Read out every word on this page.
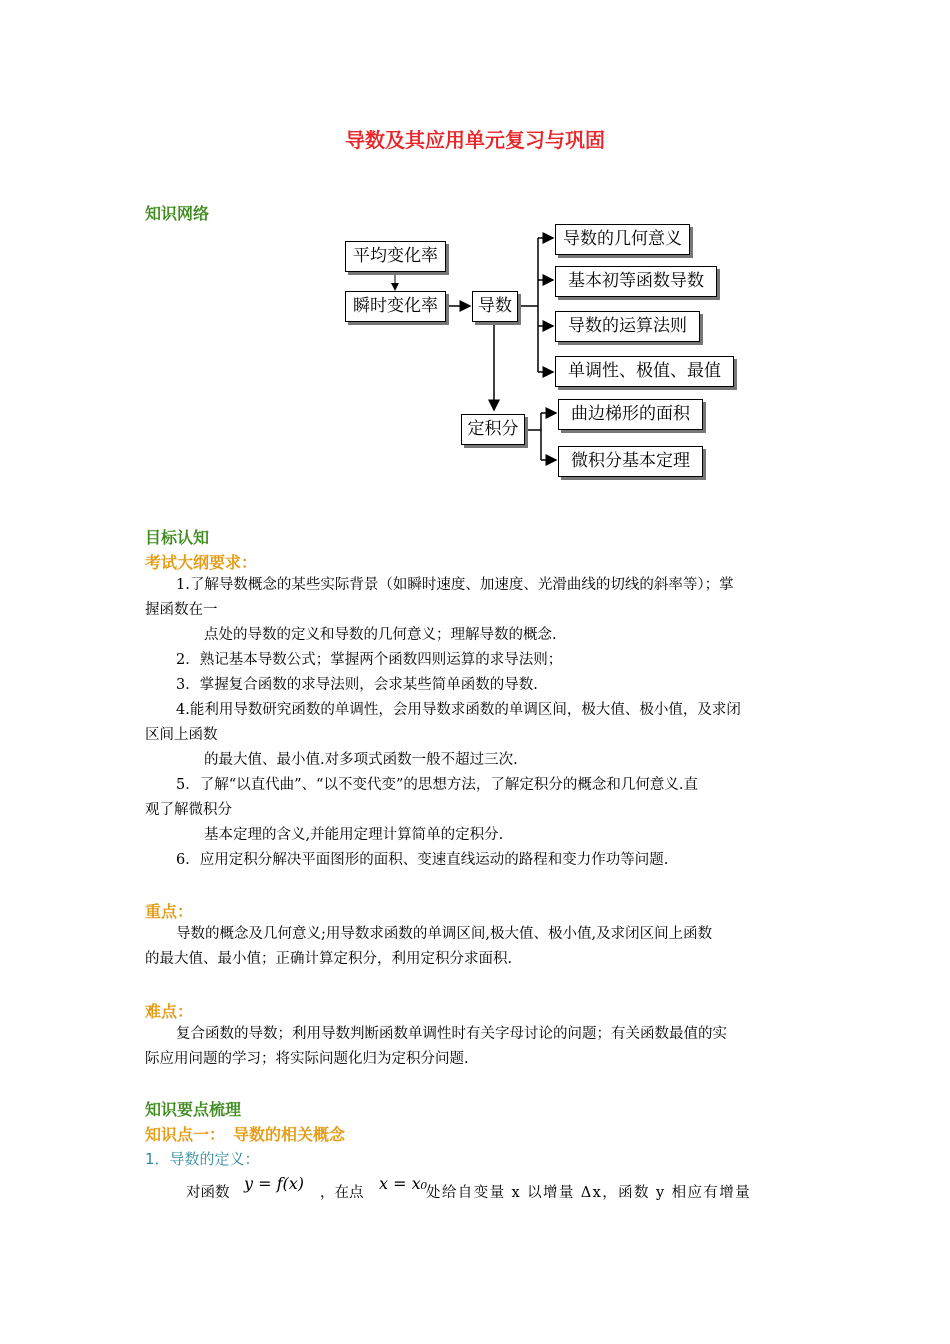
导数及其应用单元复习与巩固
知识网络
平均变化率
瞬时变化率	导数
导数的几何意义
基本初等函数导数
导数的运算法则
单调性、极值、最值
定积分
曲边梯形的面积
微积分基本定理
目标认知
考试大纲要求：
1.了解导数概念的某些实际背景（如瞬时速度、加速度、光滑曲线的切线的斜率等）；掌
握函数在一
点处的导数的定义和导数的几何意义；理解导数的概念.
2．熟记基本导数公式；掌握两个函数四则运算的求导法则；
3．掌握复合函数的求导法则，会求某些简单函数的导数.
4.能利用导数研究函数的单调性，会用导数求函数的单调区间，极大值、极小值，及求闭
区间上函数
的最大值、最小值.对多项式函数一般不超过三次.
5．了解“以直代曲”、“以不变代变”的思想方法，了解定积分的概念和几何意义.直
观了解微积分
基本定理的含义,并能用定理计算简单的定积分.
6．应用定积分解决平面图形的面积、变速直线运动的路程和变力作功等问题.
重点：
导数的概念及几何意义;用导数求函数的单调区间,极大值、极小值,及求闭区间上函数
的最大值、最小值；正确计算定积分，利用定积分求面积.
难点：
复合函数的导数；利用导数判断函数单调性时有关字母讨论的问题；有关函数最值的实
际应用问题的学习；将实际问题化归为定积分问题.
知识要点梳理
知识点一：　导数的相关概念
1．导数的定义：
对函数 y = f(x) ，在点 x = x₀
处给自变量 x 以增量 Δx，函数 y 相应有增量
